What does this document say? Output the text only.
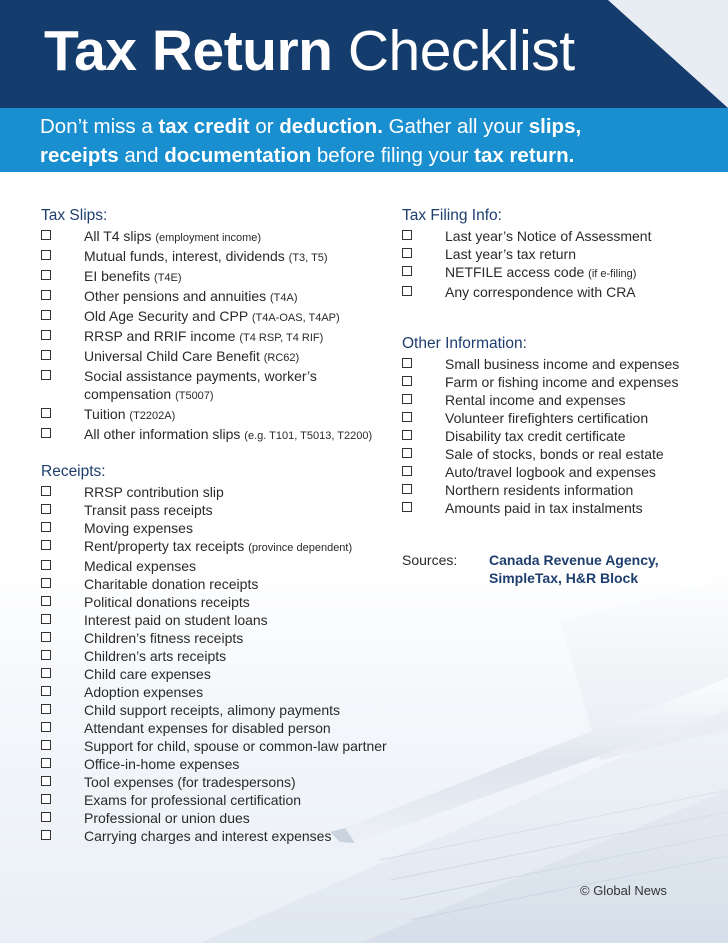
Tax Return Checklist
Don’t miss a tax credit or deduction. Gather all your slips,
receipts and documentation before filing your tax return.
Tax Slips:
All T4 slips (employment income)
Mutual funds, interest, dividends (T3, T5)
EI benefits (T4E)
Other pensions and annuities (T4A)
Old Age Security and CPP (T4A-OAS, T4AP)
RRSP and RRIF income (T4 RSP, T4 RIF)
Universal Child Care Benefit (RC62)
Social assistance payments, worker’s compensation (T5007)
Tuition (T2202A)
All other information slips (e.g. T101, T5013, T2200)
Receipts:
RRSP contribution slip
Transit pass receipts
Moving expenses
Rent/property tax receipts (province dependent)
Medical expenses
Charitable donation receipts
Political donations receipts
Interest paid on student loans
Children’s fitness receipts
Children’s arts receipts
Child care expenses
Adoption expenses
Child support receipts, alimony payments
Attendant expenses for disabled person
Support for child, spouse or common-law partner
Office-in-home expenses
Tool expenses (for tradespersons)
Exams for professional certification
Professional or union dues
Carrying charges and interest expenses
Tax Filing Info:
Last year’s Notice of Assessment
Last year’s tax return
NETFILE access code (if e-filing)
Any correspondence with CRA
Other Information:
Small business income and expenses
Farm or fishing income and expenses
Rental income and expenses
Volunteer firefighters certification
Disability tax credit certificate
Sale of stocks, bonds or real estate
Auto/travel logbook and expenses
Northern residents information
Amounts paid in tax instalments
Sources: Canada Revenue Agency, SimpleTax, H&R Block
© Global News
